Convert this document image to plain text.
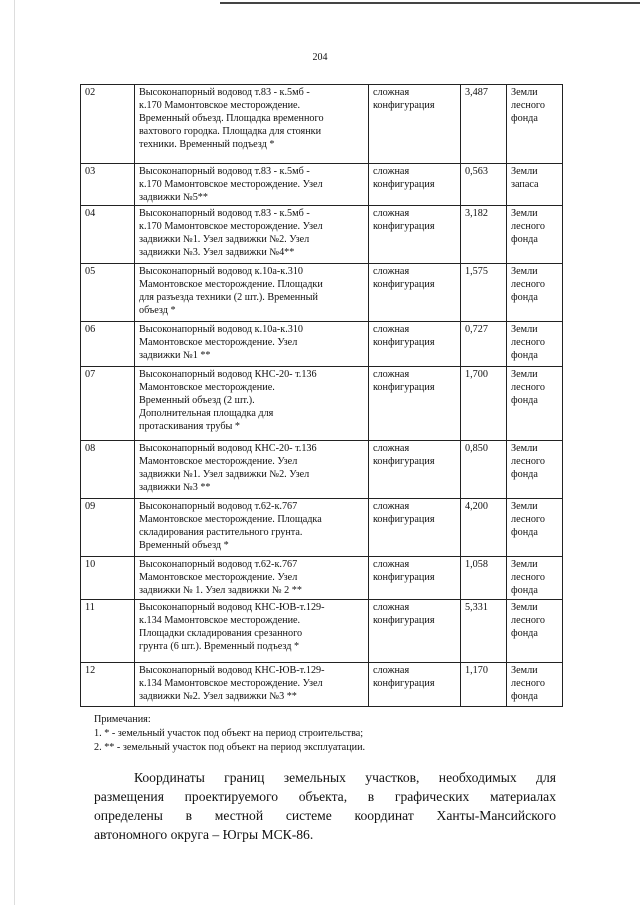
204
02	Высоконапорный водовод т.83 - к.5мб -
к.170 Мамонтовское месторождение.
Временный объезд. Площадка временного
вахтового городка. Площадка для стоянки
техники. Временный подъезд *	сложная
конфигурация	3,487	Земли
лесного
фонда

03	Высоконапорный водовод т.83 - к.5мб -
к.170 Мамонтовское месторождение. Узел
задвижки №5**	сложная
конфигурация	0,563	Земли
запаса

04	Высоконапорный водовод т.83 - к.5мб -
к.170 Мамонтовское месторождение. Узел
задвижки №1. Узел задвижки №2. Узел
задвижки №3. Узел задвижки №4**	сложная
конфигурация	3,182	Земли
лесного
фонда

05	Высоконапорный водовод к.10а-к.310
Мамонтовское месторождение. Площадки
для разъезда техники (2 шт.). Временный
объезд *	сложная
конфигурация	1,575	Земли
лесного
фонда

06	Высоконапорный водовод к.10а-к.310
Мамонтовское месторождение. Узел
задвижки №1 **	сложная
конфигурация	0,727	Земли
лесного
фонда

07	Высоконапорный водовод КНС-20- т.136
Мамонтовское месторождение.
Временный объезд (2 шт.).
Дополнительная площадка для
протаскивания трубы *	сложная
конфигурация	1,700	Земли
лесного
фонда

08	Высоконапорный водовод КНС-20- т.136
Мамонтовское месторождение. Узел
задвижки №1. Узел задвижки №2. Узел
задвижки №3 **	сложная
конфигурация	0,850	Земли
лесного
фонда

09	Высоконапорный водовод т.62-к.767
Мамонтовское месторождение. Площадка
складирования растительного грунта.
Временный объезд *	сложная
конфигурация	4,200	Земли
лесного
фонда

10	Высоконапорный водовод т.62-к.767
Мамонтовское месторождение. Узел
задвижки № 1. Узел задвижки № 2 **	сложная
конфигурация	1,058	Земли
лесного
фонда

11	Высоконапорный водовод КНС-ЮВ-т.129-
к.134 Мамонтовское месторождение.
Площадки складирования срезанного
грунта (6 шт.). Временный подъезд *	сложная
конфигурация	5,331	Земли
лесного
фонда

12	Высоконапорный водовод КНС-ЮВ-т.129-
к.134 Мамонтовское месторождение. Узел
задвижки №2. Узел задвижки №3 **	сложная
конфигурация	1,170	Земли
лесного
фонда
Примечания:
1. * - земельный участок под объект на период строительства;
2. ** - земельный участок под объект на период эксплуатации.
Координаты границ земельных участков, необходимых для
размещения проектируемого объекта, в графических материалах
определены в местной системе координат Ханты-Мансийского
автономного округа – Югры МСК-86.
